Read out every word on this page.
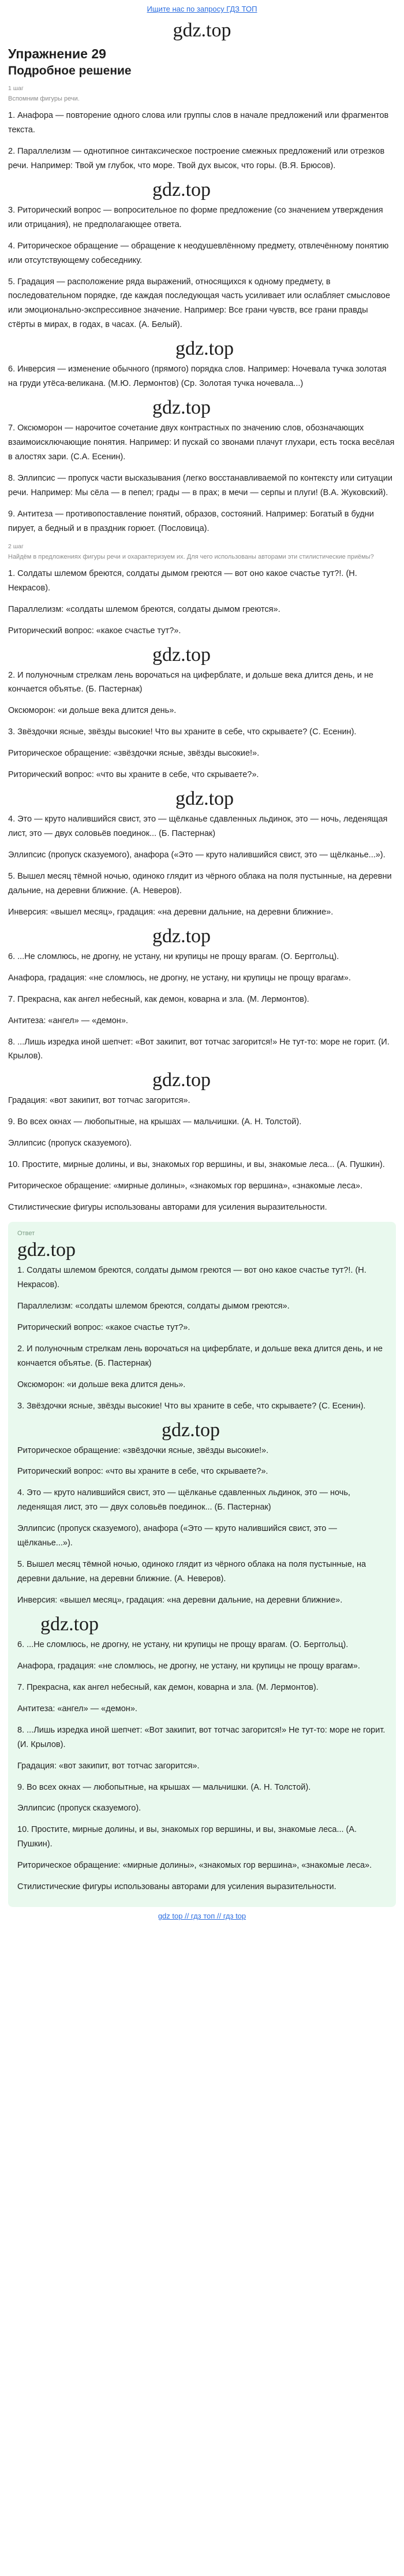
Ищите нас по запросу ГДЗ ТОП
gdz.top
Упражнение 29
Подробное решение
1 шаг
Вспомним фигуры речи.

1. Анафора — повторение одного слова или группы слов в начале предложений или фрагментов текста.

2. Параллелизм — однотипное синтаксическое построение смежных предложений или отрезков речи. Например: Твой ум глубок, что море. Твой дух высок, что горы. (В.Я. Брюсов).

gdz.top

3. Риторический вопрос — вопросительное по форме предложение (со значением утверждения или отрицания), не предполагающее ответа.

4. Риторическое обращение — обращение к неодушевлённому предмету, отвлечённому понятию или отсутствующему собеседнику.

5. Градация — расположение ряда выражений, относящихся к одному предмету, в последовательном порядке, где каждая последующая часть усиливает или ослабляет смысловое или эмоционально-экспрессивное значение. Например: Все грани чувств, все грани правды стёрты в мирах, в годах, в часах. (А. Белый).

gdz.top

6. Инверсия — изменение обычного (прямого) порядка слов. Например: Ночевала тучка золотая на груди утёса-великана. (М.Ю. Лермонтов) (Ср. Золотая тучка ночевала...)

gdz.top

7. Оксюморон — нарочитое сочетание двух контрастных по значению слов, обозначающих взаимоисключающие понятия. Например: И пускай со звонами плачут глухари, есть тоска весёлая в алостях зари. (С.А. Есенин).

8. Эллипсис — пропуск части высказывания (легко восстанавливаемой по контексту или ситуации речи. Например: Мы сёла — в пепел; грады — в прах; в мечи — серпы и плуги! (В.А. Жуковский).

9. Антитеза — противопоставление понятий, образов, состояний. Например: Богатый в будни пирует, а бедный и в праздник горюет. (Пословица).

2 шаг
Найдём в предложениях фигуры речи и охарактеризуем их. Для чего использованы авторами эти стилистические приёмы?

1. Солдаты шлемом бреются, солдаты дымом греются — вот оно какое счастье тут?!. (Н. Некрасов).

Параллелизм: «солдаты шлемом бреются, солдаты дымом греются».

Риторический вопрос: «какое счастье тут?».

gdz.top

2. И полуночным стрелкам лень ворочаться на циферблате, и дольше века длится день, и не кончается объятье. (Б. Пастернак)

Оксюморон: «и дольше века длится день».

3. Звёздочки ясные, звёзды высокие! Что вы храните в себе, что скрываете? (С. Есенин).

Риторическое обращение: «звёздочки ясные, звёзды высокие!».

Риторический вопрос: «что вы храните в себе, что скрываете?».

gdz.top

4. Это — круто налившийся свист, это — щёлканье сдавленных льдинок, это — ночь, леденящая лист, это — двух соловьёв поединок... (Б. Пастернак)

Эллипсис (пропуск сказуемого), анафора («Это — круто налившийся свист, это — щёлканье...»).

5. Вышел месяц тёмной ночью, одиноко глядит из чёрного облака на поля пустынные, на деревни дальние, на деревни ближние. (А. Неверов).

Инверсия: «вышел месяц», градация: «на деревни дальние, на деревни ближние».

gdz.top

6. ...Не сломлюсь, не дрогну, не устану, ни крупицы не прощу врагам. (О. Берггольц).

Анафора, градация: «не сломлюсь, не дрогну, не устану, ни крупицы не прощу врагам».

7. Прекрасна, как ангел небесный, как демон, коварна и зла. (М. Лермонтов).

Антитеза: «ангел» — «демон».

8. ...Лишь изредка иной шепчет: «Вот закипит, вот тотчас загорится!» Не тут-то: море не горит. (И. Крылов).

gdz.top

Градация: «вот закипит, вот тотчас загорится».

9. Во всех окнах — любопытные, на крышах — мальчишки. (А. Н. Толстой).

Эллипсис (пропуск сказуемого).

10. Простите, мирные долины, и вы, знакомых гор вершины, и вы, знакомые леса... (А. Пушкин).

Риторическое обращение: «мирные долины», «знакомых гор вершина», «знакомые леса».

Стилистические фигуры использованы авторами для усиления выразительности.

Ответ
gdz.top

1. Солдаты шлемом бреются, солдаты дымом греются — вот оно какое счастье тут?!. (Н. Некрасов).

Параллелизм: «солдаты шлемом бреются, солдаты дымом греются».

Риторический вопрос: «какое счастье тут?».

2. И полуночным стрелкам лень ворочаться на циферблате, и дольше века длится день, и не кончается объятье. (Б. Пастернак)

Оксюморон: «и дольше века длится день».

3. Звёздочки ясные, звёзды высокие! Что вы храните в себе, что скрываете? (С. Есенин).

gdz.top

Риторическое обращение: «звёздочки ясные, звёзды высокие!».

Риторический вопрос: «что вы храните в себе, что скрываете?».

4. Это — круто налившийся свист, это — щёлканье сдавленных льдинок, это — ночь, леденящая лист, это — двух соловьёв поединок... (Б. Пастернак)

Эллипсис (пропуск сказуемого), анафора («Это — круто налившийся свист, это — щёлканье...»).

5. Вышел месяц тёмной ночью, одиноко глядит из чёрного облака на поля пустынные, на деревни дальние, на деревни ближние. (А. Неверов).

Инверсия: «вышел месяц», градация: «на деревни дальние, на деревни ближние».

gdz.top

6. ...Не сломлюсь, не дрогну, не устану, ни крупицы не прощу врагам. (О. Берггольц).

Анафора, градация: «не сломлюсь, не дрогну, не устану, ни крупицы не прощу врагам».

7. Прекрасна, как ангел небесный, как демон, коварна и зла. (М. Лермонтов).

Антитеза: «ангел» — «демон».

8. ...Лишь изредка иной шепчет: «Вот закипит, вот тотчас загорится!» Не тут-то: море не горит. (И. Крылов).

Градация: «вот закипит, вот тотчас загорится».

9. Во всех окнах — любопытные, на крышах — мальчишки. (А. Н. Толстой).

Эллипсис (пропуск сказуемого).

10. Простите, мирные долины, и вы, знакомых гор вершины, и вы, знакомые леса... (А. Пушкин).

Риторическое обращение: «мирные долины», «знакомых гор вершина», «знакомые леса».

Стилистические фигуры использованы авторами для усиления выразительности.

gdz top // гдз топ // гдз top
